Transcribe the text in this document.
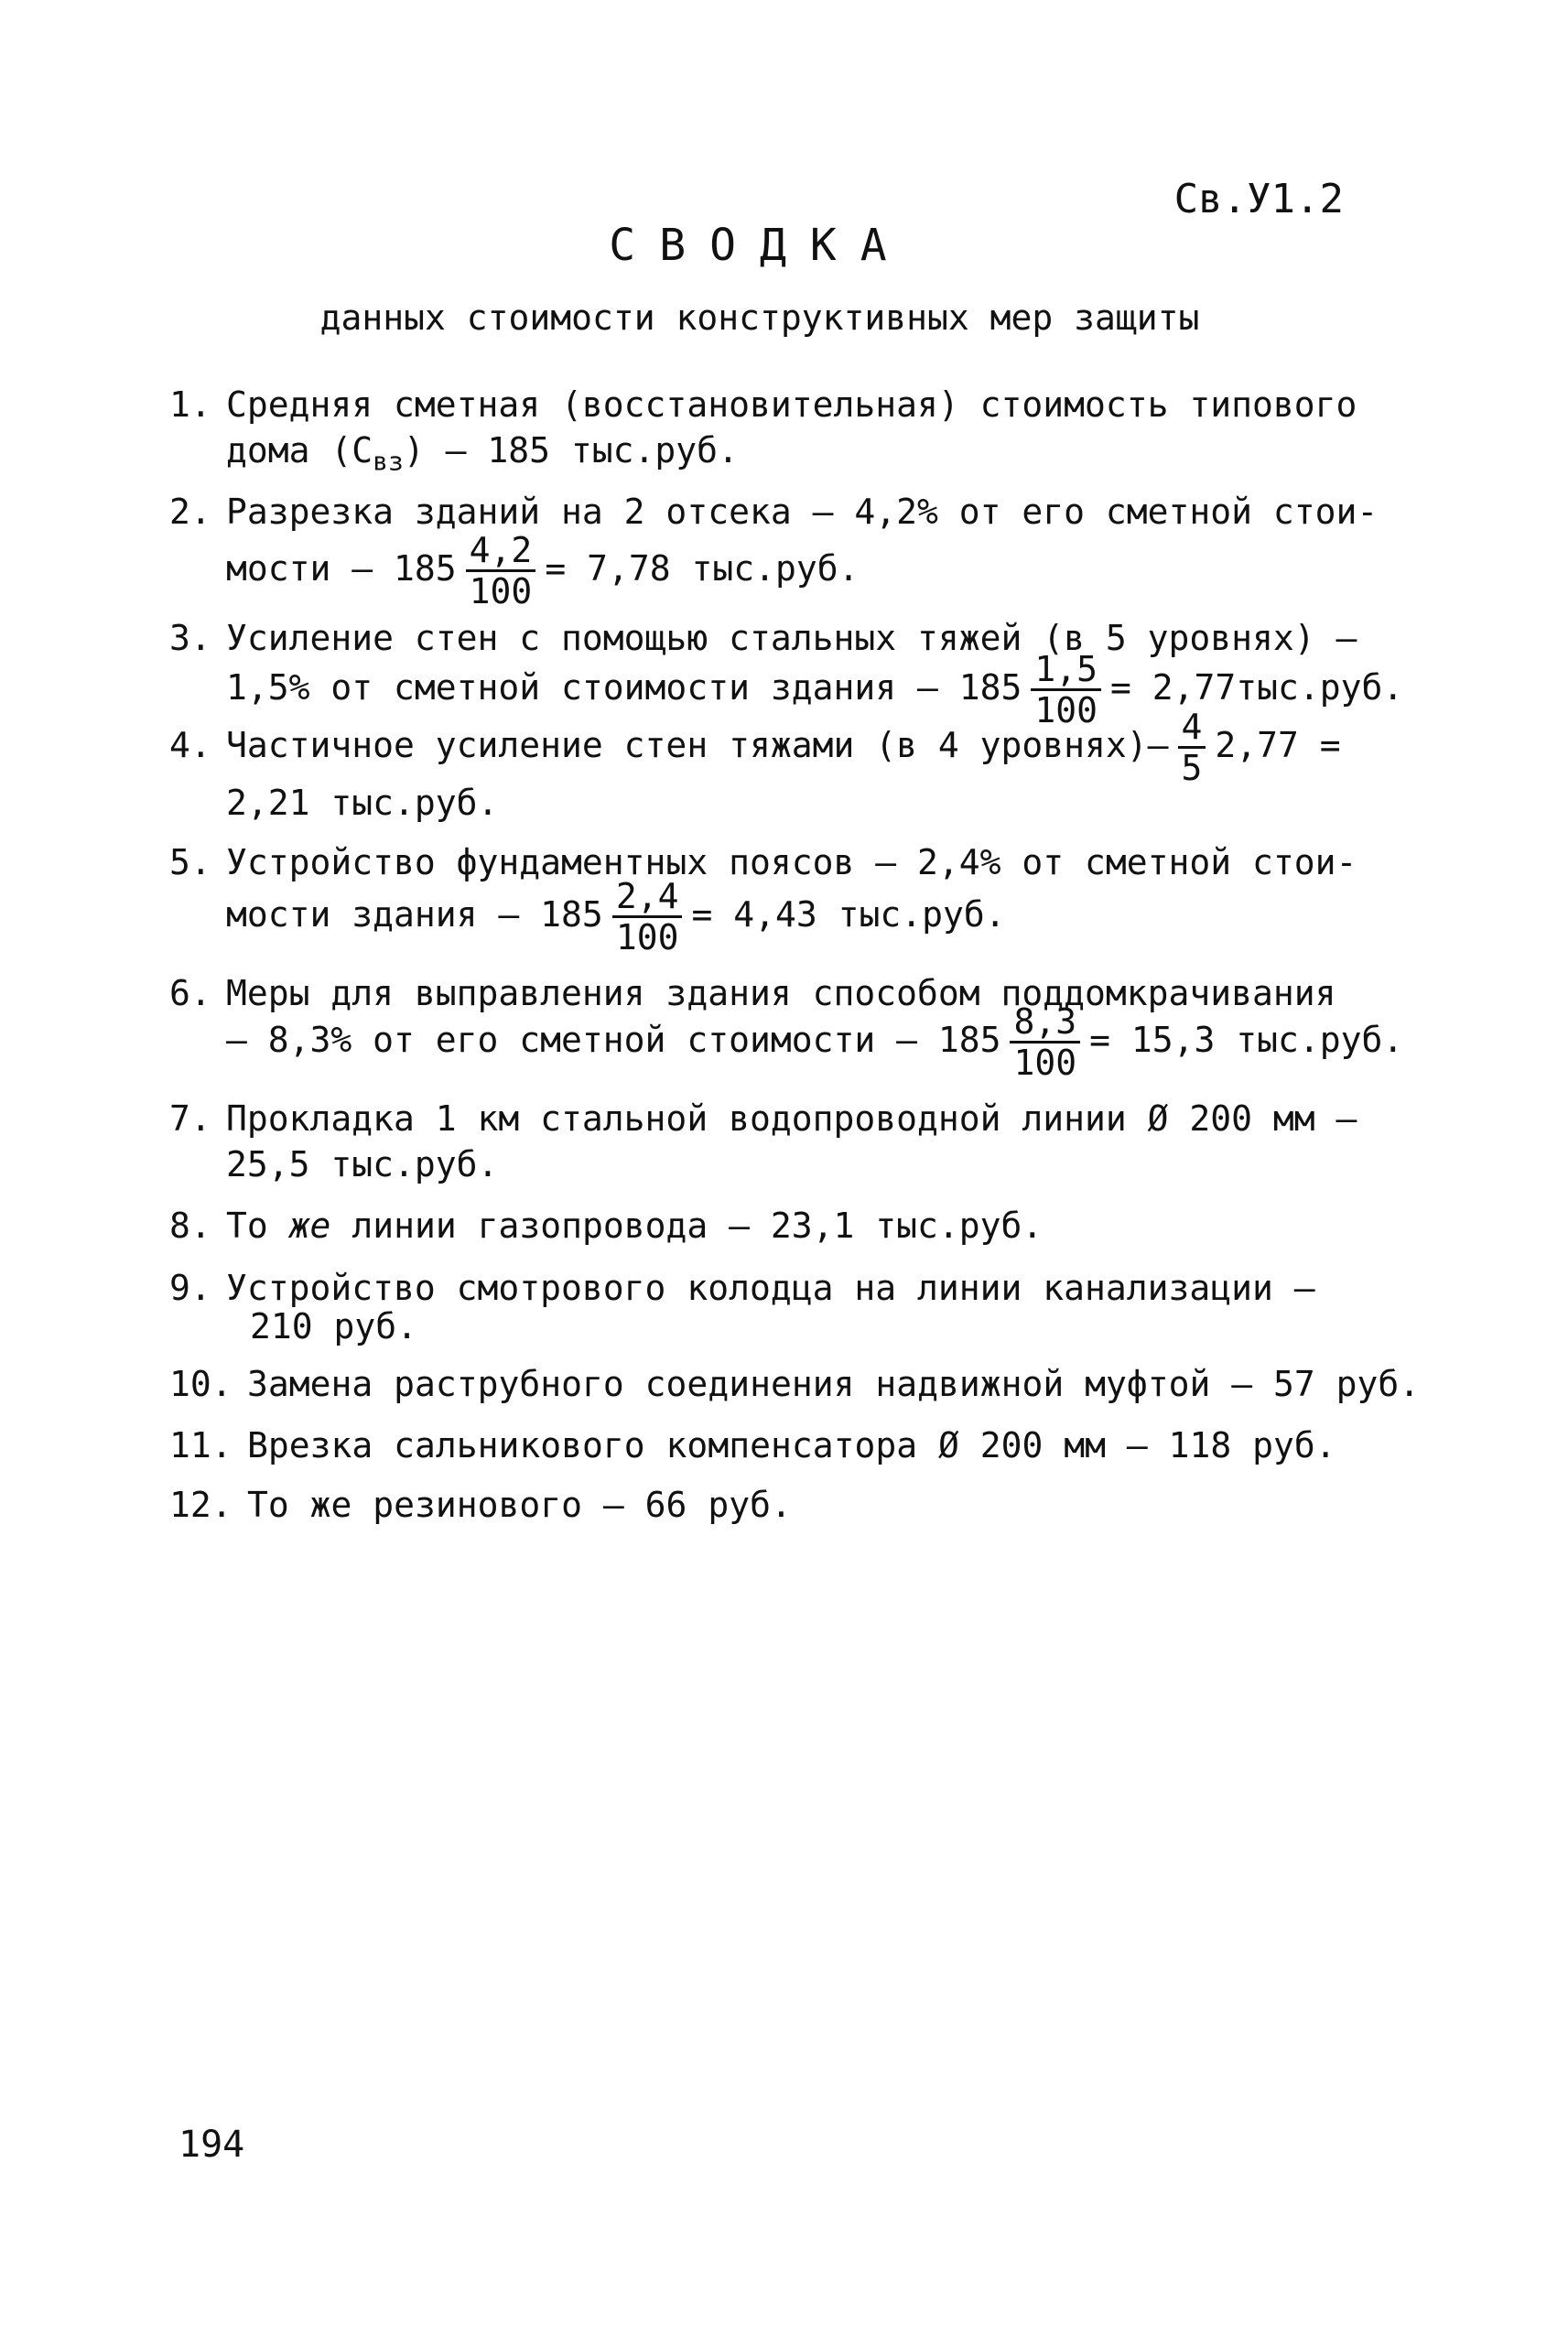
Св.У1.2
СВОДКА
данных стоимости конструктивных мер защиты
1. Средняя сметная (восстановительная) стоимость типового
дома $(С_{вз}) - 185$ тыс.руб.
2. Разрезка зданий на 2 отсека – 4,2% от его сметной стои-
мости – $185 \frac{4,2}{100} = 7,78$ тыс.руб.
3. Усиление стен с помощью стальных тяжей (в 5 уровнях) –
1,5% от сметной стоимости здания – $185 \frac{1,5}{100} = 2,77тыс.руб$.
4. Частичное усиление стен тяжами (в 4 уровнях)– $\frac{4}{5} 2,77$ =
2,21 тыс.руб.
5. Устройство фундаментных поясов – 2,4% от сметной стои-
мости здания – $185 \frac{2,4}{100} = 4,43$ тыс.руб.
6. Меры для выправления здания способом поддомкрачивания
– 8,3% от его сметной стоимости – $185 \frac{8,3}{100} = 15,3$ тыс.руб.
7. Прокладка 1 км стальной водопроводной линии Ø 200 мм –
25,5 тыс.руб.
8. То же линии газопровода – 23,1 тыс.руб.
9. Устройство смотрового колодца на линии канализации –
210 руб.
10. Замена раструбного соединения надвижной муфтой – 57 руб.
11. Врезка сальникового компенсатора Ø 200 мм – 118 руб.
12. То же резинового – 66 руб.
194
